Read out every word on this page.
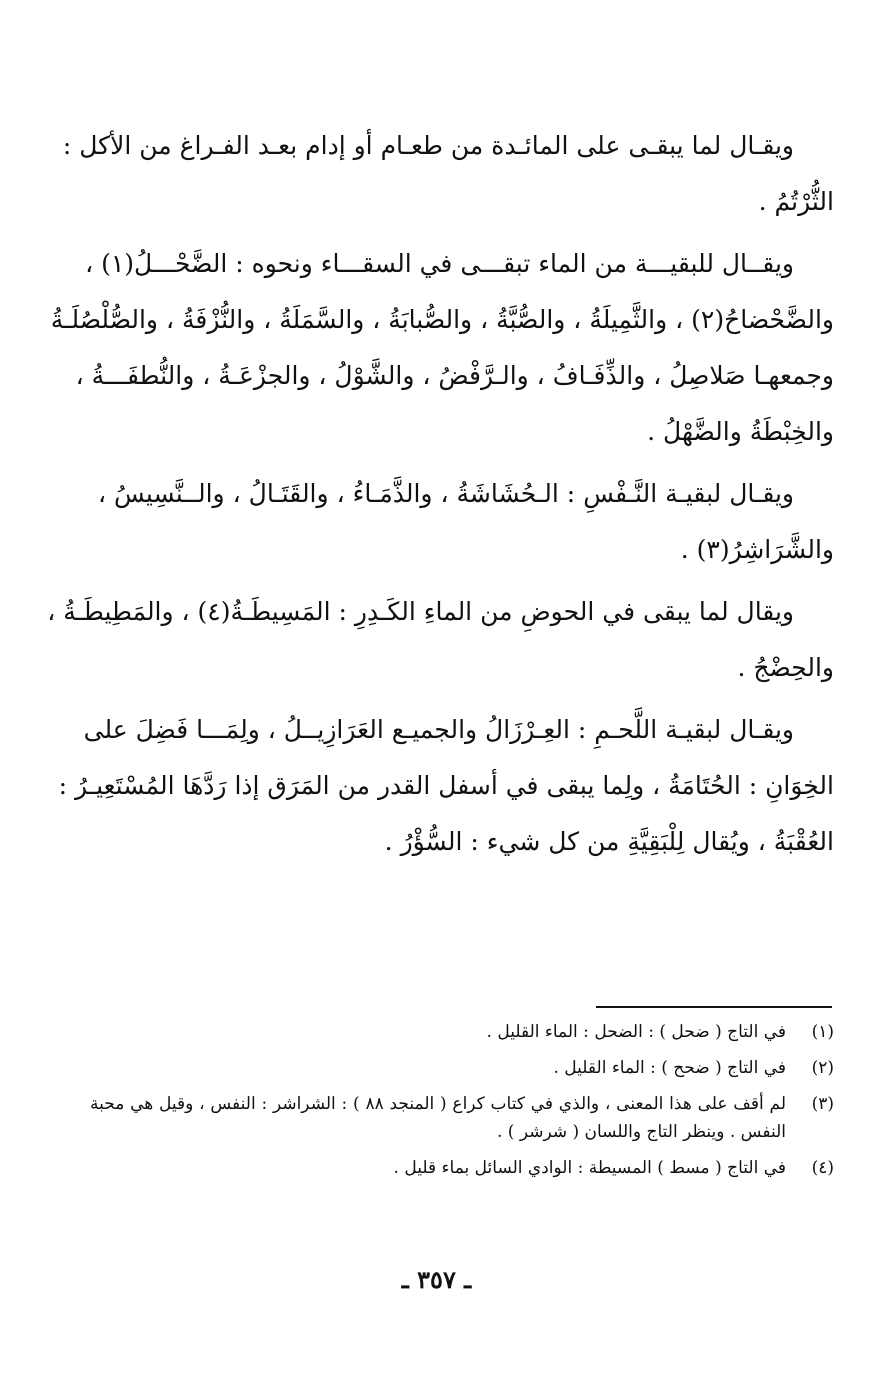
ويقـال لما يبقـى على المائـدة من طعـام أو إدام بعـد الفـراغ من الأكل :
الثُّرْتُمُ .

ويقــال للبقيـــة من الماء تبقـــى في السقـــاء ونحوه : الضَّحْـــلُ(١) ،
والضَّحْضاحُ(٢) ، والثَّمِيلَةُ ، والصُّبَّةُ ، والصُّبابَةُ ، والسَّمَلَةُ ، والنُّزْفَةُ ، والصُّلْصُلَـةُ
وجمعهـا صَلاصِلُ ، والذِّفَـافُ ، والـرَّفْضُ ، والشَّوْلُ ، والجزْعَـةُ ، والنُّطفَـــةُ ،
والخِبْطَةُ والضَّهْلُ .

ويقـال لبقيـة النَّـفْسِ : الـحُشَاشَةُ ، والذَّمَـاءُ ، والقَتَـالُ ، والــنَّسِيسُ ،
والشَّرَاشِرُ(٣) .

ويقال لما يبقى في الحوضِ من الماءِ الكَـدِرِ : المَسِيطَـةُ(٤) ، والمَطِيطَـةُ ،
والحِضْجُ .

ويقـال لبقيـة اللَّحـمِ : العِـرْزَالُ والجميـع العَرَازِيــلُ ، ولِمَـــا فَضِلَ على
الخِوَانِ : الحُتَامَةُ ، ولِما يبقى في أسفل القدر من المَرَق إذا رَدَّهَا المُسْتَعِيـرُ :
العُقْبَةُ ، ويُقال لِلْبَقِيَّةِ من كل شيء : السُّؤْرُ .

(١)
في التاج ( ضحل ) : الضحل : الماء القليل .
(٢)
في التاج ( ضحح ) : الماء القليل .
(٣)
لم أقف على هذا المعنى ، والذي في كتاب كراع ( المنجد ٨٨ ) : الشراشر : النفس ، وقيل هي محبة النفس . وينظر التاج واللسان ( شرشر ) .
(٤)
في التاج ( مسط ) المسيطة : الوادي السائل بماء قليل .
ـ ٣٥٧ ـ
